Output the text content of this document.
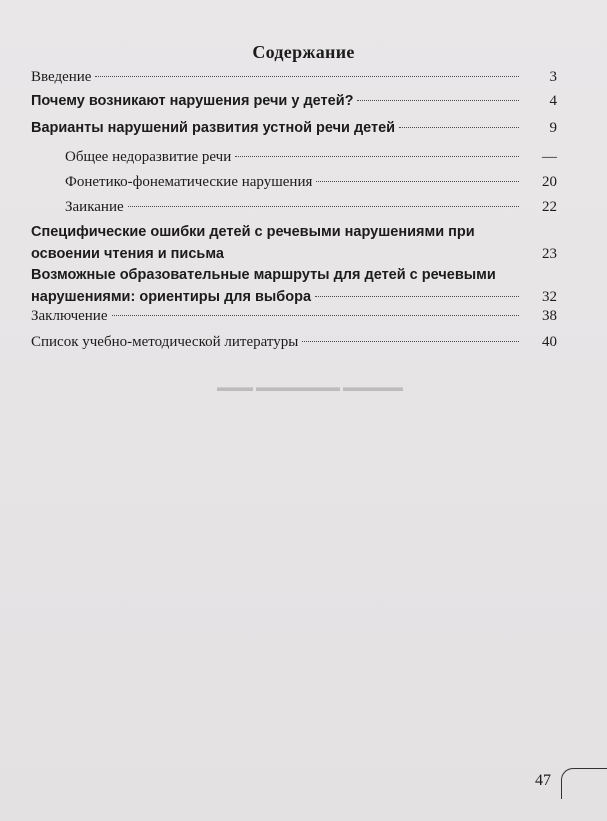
Содержание
▬▬▬ ▬▬▬▬▬▬▬ ▬▬▬▬▬
Введение	3
Почему возникают нарушения речи у детей?	4
Варианты нарушений развития устной речи детей	9
Общее недоразвитие речи	—
Фонетико-фонематические нарушения	20
Заикание	22
Специфические ошибки детей с речевыми нарушениями при
освоении чтения и письма	23
Возможные образовательные маршруты для детей с речевыми
нарушениями: ориентиры для выбора	32
Заключение	38
Список учебно-методической литературы	40
47
